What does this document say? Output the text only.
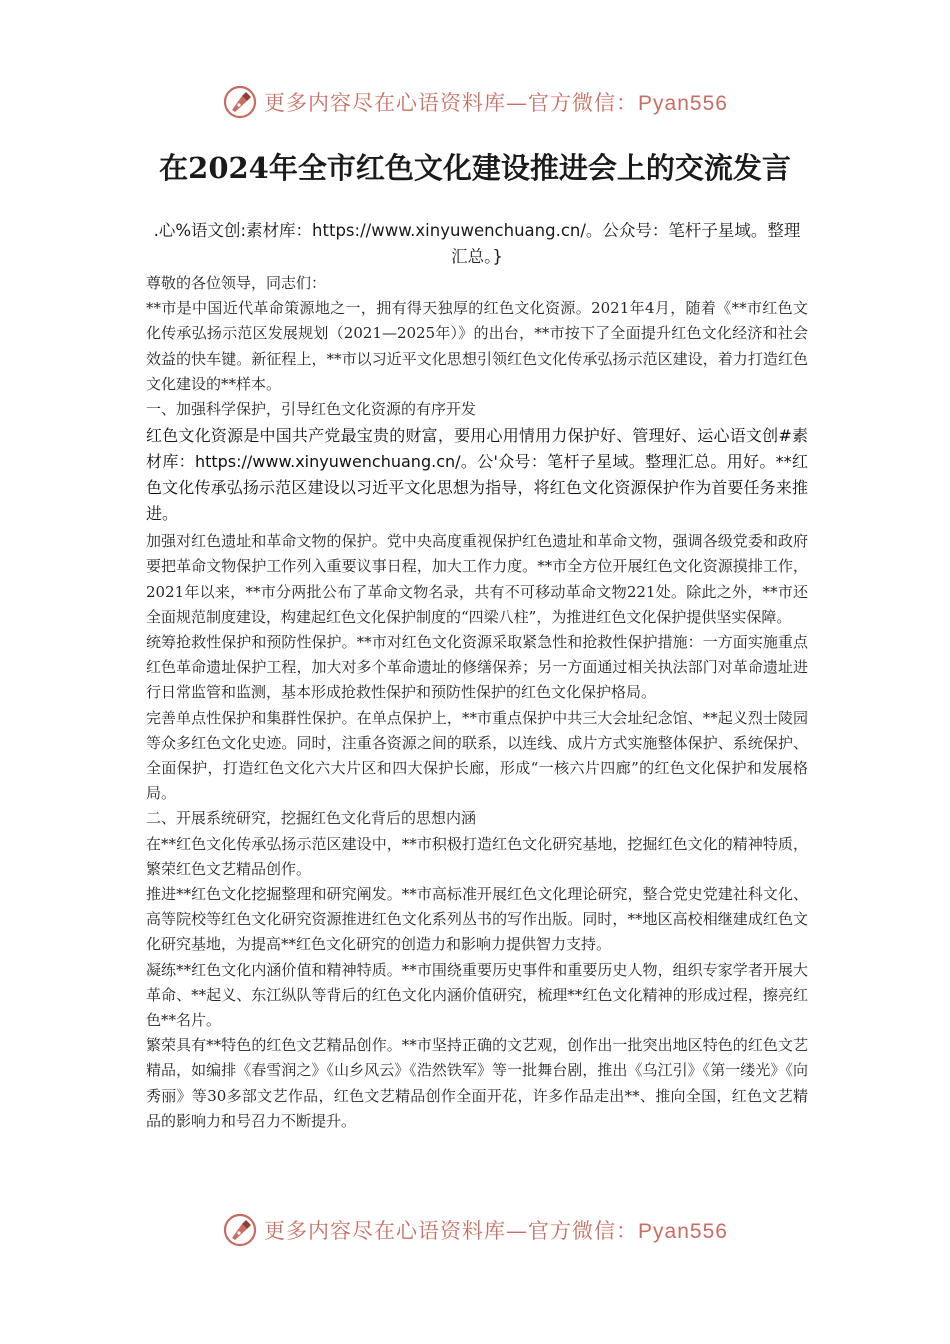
更多内容尽在心语资料库—官方微信：Pyan556
在2024年全市红色文化建设推进会上的交流发言

.心%语文创:素材库：https://www.xinyuwenchuang.cn/。公众号：笔杆子星域。整理汇总。}

尊敬的各位领导，同志们：

**市是中国近代革命策源地之一，拥有得天独厚的红色文化资源。2021年4月，随着《**市红色文化传承弘扬示范区发展规划（2021—2025年）》的出台，**市按下了全面提升红色文化经济和社会效益的快车键。新征程上，**市以习近平文化思想引领红色文化传承弘扬示范区建设，着力打造红色文化建设的**样本。

一、加强科学保护，引导红色文化资源的有序开发

红色文化资源是中国共产党最宝贵的财富，要用心用情用力保护好、管理好、运心语文创#素材库：https://www.xinyuwenchuang.cn/。公'众号：笔杆子星域。整理汇总。用好。**红色文化传承弘扬示范区建设以习近平文化思想为指导，将红色文化资源保护作为首要任务来推进。

加强对红色遗址和革命文物的保护。党中央高度重视保护红色遗址和革命文物，强调各级党委和政府要把革命文物保护工作列入重要议事日程，加大工作力度。**市全方位开展红色文化资源摸排工作，2021年以来，**市分两批公布了革命文物名录，共有不可移动革命文物221处。除此之外，**市还全面规范制度建设，构建起红色文化保护制度的“四梁八柱”，为推进红色文化保护提供坚实保障。

统筹抢救性保护和预防性保护。**市对红色文化资源采取紧急性和抢救性保护措施：一方面实施重点红色革命遗址保护工程，加大对多个革命遗址的修缮保养；另一方面通过相关执法部门对革命遗址进行日常监管和监测，基本形成抢救性保护和预防性保护的红色文化保护格局。

完善单点性保护和集群性保护。在单点保护上，**市重点保护中共三大会址纪念馆、**起义烈士陵园等众多红色文化史迹。同时，注重各资源之间的联系，以连线、成片方式实施整体保护、系统保护、全面保护，打造红色文化六大片区和四大保护长廊，形成“一核六片四廊”的红色文化保护和发展格局。

二、开展系统研究，挖掘红色文化背后的思想内涵

在**红色文化传承弘扬示范区建设中，**市积极打造红色文化研究基地，挖掘红色文化的精神特质，繁荣红色文艺精品创作。

推进**红色文化挖掘整理和研究阐发。**市高标准开展红色文化理论研究，整合党史党建社科文化、高等院校等红色文化研究资源推进红色文化系列丛书的写作出版。同时，**地区高校相继建成红色文化研究基地，为提高**红色文化研究的创造力和影响力提供智力支持。

凝练**红色文化内涵价值和精神特质。**市围绕重要历史事件和重要历史人物，组织专家学者开展大革命、**起义、东江纵队等背后的红色文化内涵价值研究，梳理**红色文化精神的形成过程，擦亮红色**名片。

繁荣具有**特色的红色文艺精品创作。**市坚持正确的文艺观，创作出一批突出地区特色的红色文艺精品，如编排《春雪润之》《山乡风云》《浩然铁军》等一批舞台剧，推出《乌江引》《第一缕光》《向秀丽》等30多部文艺作品，红色文艺精品创作全面开花，许多作品走出**、推向全国，红色文艺精品的影响力和号召力不断提升。

更多内容尽在心语资料库—官方微信：Pyan556
